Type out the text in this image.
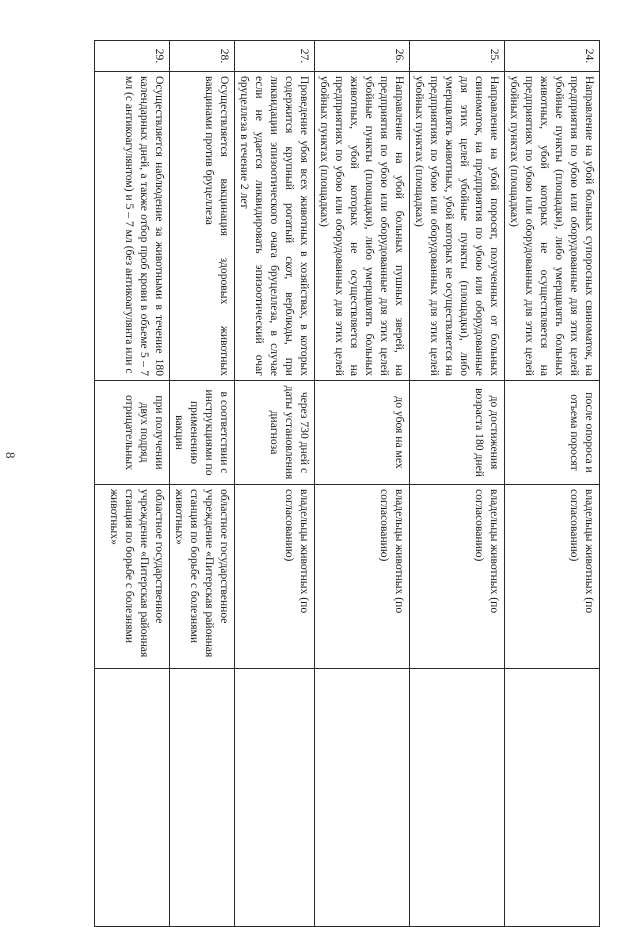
8
24.	Направление на убой больных супоросных свиноматок, на предприятия по убою или оборудованные для этих целей убойные пункты (площадки), либо умерщвлять больных животных, убой которых не осуществляется на предприятиях по убою или оборудованных для этих целей убойных пунктах (площадках)	после опороса и отъема поросят	владельцы животных (по согласованию)	
25.	Направление на убой поросят, полученных от больных свиноматок, на предприятия по убою или оборудованные для этих целей убойные пункты (площадки), либо умерщвлять животных, убой которых не осуществляется на предприятиях по убою или оборудованных для этих целей убойных пунктах (площадках)	до достижения возраста 180 дней	владельцы животных (по согласованию)	
26.	Направление на убой больных пушных зверей, на предприятия по убою или оборудованные для этих целей убойные пункты (площадки), либо умерщвлять больных животных, убой которых не осуществляется на предприятиях по убою или оборудованных для этих целей убойных пунктах (площадках)	до убоя на мех	владельцы животных (по согласованию)	
27.	Проведение убоя всех животных в хозяйствах, в которых содержится крупный рогатый скот, верблюды, при ликвидации эпизоотического очага бруцеллеза, в случае если не удается ликвидировать эпизоотический очаг бруцеллеза в течение 2 лет	через 730 дней с даты установления диагноза	владельцы животных (по согласованию)	
28.	Осуществляется вакцинация здоровых животных вакцинами против бруцеллеза	в соответствии с инструкциями по применению вакцин	областное государственное учреждение «Питерская районная станция по борьбе с болезнями животных»	
29.	Осуществляется наблюдение за животными в течение 180 календарных дней, а также отбор проб крови в объеме 5 – 7 мл (с антикоагулянтом) и 5 – 7 мл (без антикоагулянта или с	при получении двух подряд отрицательных	областное государственное учреждение «Питерская районная станция по борьбе с болезнями животных»	
